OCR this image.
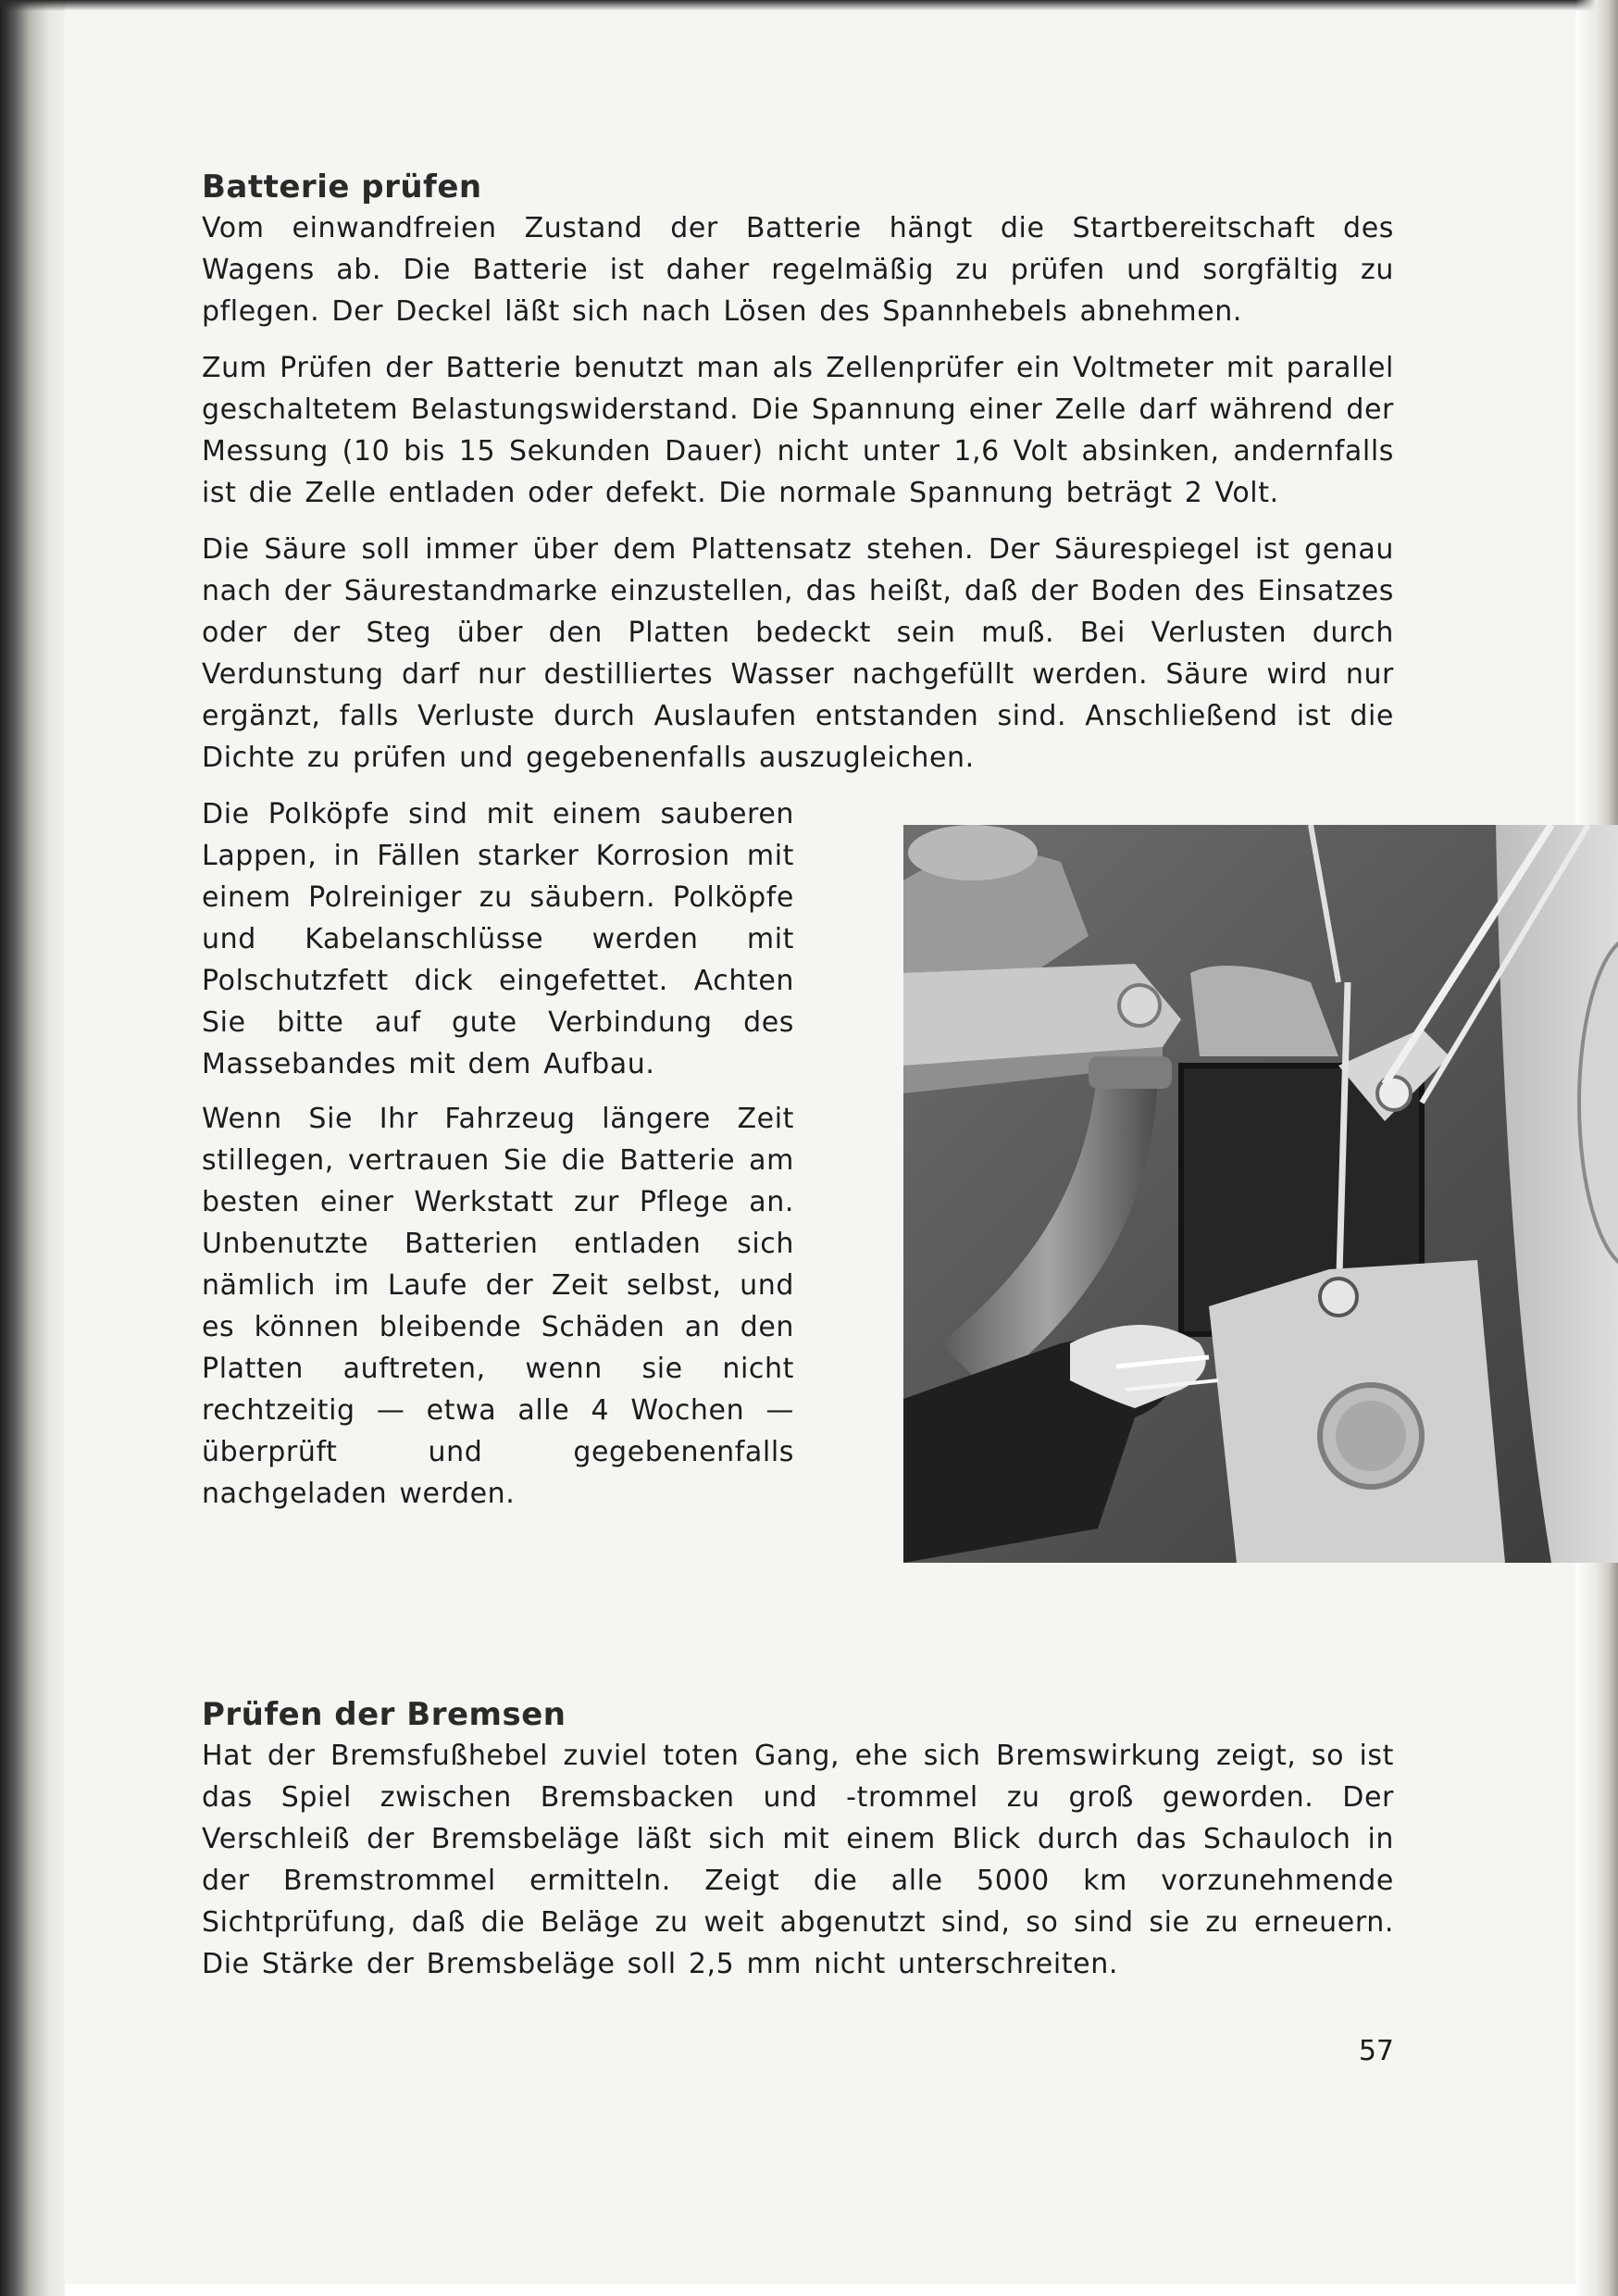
Batterie prüfen

Vom einwandfreien Zustand der Batterie hängt die Startbereitschaft des Wagens ab. Die Batterie ist daher regelmäßig zu prüfen und sorgfältig zu pflegen. Der Deckel läßt sich nach Lösen des Spannhebels abnehmen.

Zum Prüfen der Batterie benutzt man als Zellenprüfer ein Voltmeter mit parallel geschaltetem Belastungswiderstand. Die Spannung einer Zelle darf während der Messung (10 bis 15 Sekunden Dauer) nicht unter 1,6 Volt absinken, andernfalls ist die Zelle entladen oder defekt. Die normale Spannung beträgt 2 Volt.

Die Säure soll immer über dem Plattensatz stehen. Der Säurespiegel ist genau nach der Säurestandmarke einzustellen, das heißt, daß der Boden des Einsatzes oder der Steg über den Platten bedeckt sein muß. Bei Verlusten durch Verdunstung darf nur destilliertes Wasser nachgefüllt werden. Säure wird nur ergänzt, falls Verluste durch Auslaufen entstanden sind. Anschließend ist die Dichte zu prüfen und gegebenenfalls auszugleichen.

Die Polköpfe sind mit einem sauberen Lappen, in Fällen starker Korrosion mit einem Polreiniger zu säubern. Polköpfe und Kabelanschlüsse werden mit Polschutzfett dick eingefettet. Achten Sie bitte auf gute Verbindung des Massebandes mit dem Aufbau.

Wenn Sie Ihr Fahrzeug längere Zeit stillegen, vertrauen Sie die Batterie am besten einer Werkstatt zur Pflege an. Unbenutzte Batterien entladen sich nämlich im Laufe der Zeit selbst, und es können bleibende Schäden an den Platten auftreten, wenn sie nicht rechtzeitig — etwa alle 4 Wochen — überprüft und gegebenenfalls nachgeladen werden.

Prüfen der Bremsen

Hat der Bremsfußhebel zuviel toten Gang, ehe sich Bremswirkung zeigt, so ist das Spiel zwischen Bremsbacken und -trommel zu groß geworden. Der Verschleiß der Bremsbeläge läßt sich mit einem Blick durch das Schauloch in der Bremstrommel ermitteln. Zeigt die alle 5000 km vorzunehmende Sichtprüfung, daß die Beläge zu weit abgenutzt sind, so sind sie zu erneuern. Die Stärke der Bremsbeläge soll 2,5 mm nicht unterschreiten.

57
